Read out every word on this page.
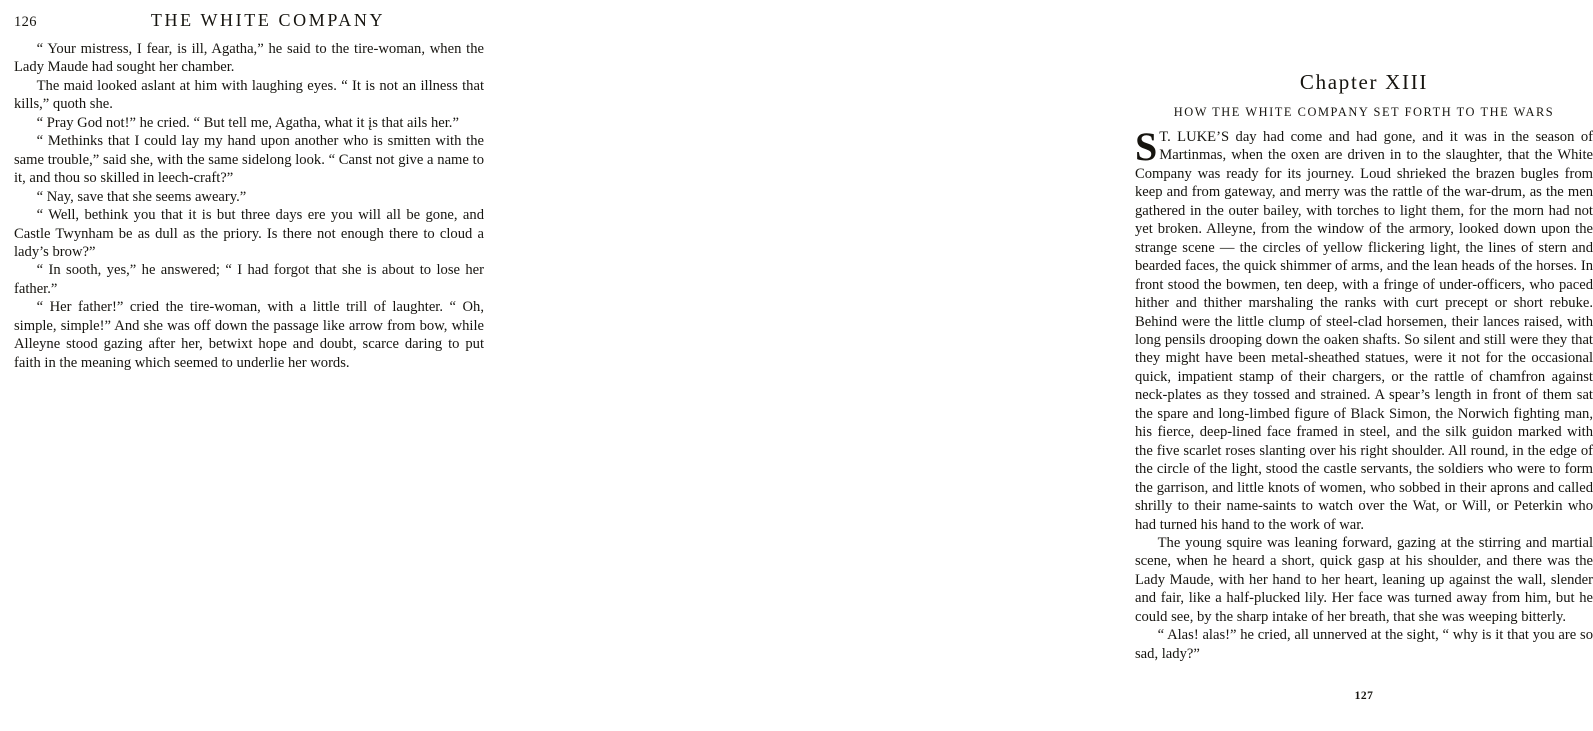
126	THE WHITE COMPANY

“ Your mistress, I fear, is ill, Agatha,” he said to the tire-woman, when the Lady Maude had sought her chamber.

The maid looked aslant at him with laughing eyes. “ It is not an illness that kills,” quoth she.

“ Pray God not!” he cried. “ But tell me, Agatha, what it įs that ails her.”

“ Methinks that I could lay my hand upon another who is smitten with the same trouble,” said she, with the same sidelong look. “ Canst not give a name to it, and thou so skilled in leech-craft?”

“ Nay, save that she seems aweary.”

“ Well, bethink you that it is but three days ere you will all be gone, and Castle Twynham be as dull as the priory. Is there not enough there to cloud a lady’s brow?”

“ In sooth, yes,” he answered; “ I had forgot that she is about to lose her father.”

“ Her father!” cried the tire-woman, with a little trill of laughter. “ Oh, simple, simple!” And she was off down the passage like arrow from bow, while Alleyne stood gazing after her, betwixt hope and doubt, scarce daring to put faith in the meaning which seemed to underlie her words.

Chapter XIII
HOW THE WHITE COMPANY SET FORTH TO THE WARS

S T. LUKE’S day had come and had gone, and it was in the season of Martinmas, when the oxen are driven in to the slaughter, that the White Company was ready for its journey. Loud shrieked the brazen bugles from keep and from gateway, and merry was the rattle of the war-drum, as the men gathered in the outer bailey, with torches to light them, for the morn had not yet broken. Alleyne, from the window of the armory, looked down upon the strange scene — the circles of yellow flickering light, the lines of stern and bearded faces, the quick shimmer of arms, and the lean heads of the horses. In front stood the bowmen, ten deep, with a fringe of under-officers, who paced hither and thither marshaling the ranks with curt precept or short rebuke. Behind were the little clump of steel-clad horsemen, their lances raised, with long pensils drooping down the oaken shafts. So silent and still were they that they might have been metal-sheathed statues, were it not for the occasional quick, impatient stamp of their chargers, or the rattle of chamfron against neck-plates as they tossed and strained. A spear’s length in front of them sat the spare and long-limbed figure of Black Simon, the Norwich fighting man, his fierce, deep-lined face framed in steel, and the silk guidon marked with the five scarlet roses slanting over his right shoulder. All round, in the edge of the circle of the light, stood the castle servants, the soldiers who were to form the garrison, and little knots of women, who sobbed in their aprons and called shrilly to their name-saints to watch over the Wat, or Will, or Peterkin who had turned his hand to the work of war.

The young squire was leaning forward, gazing at the stirring and martial scene, when he heard a short, quick gasp at his shoulder, and there was the Lady Maude, with her hand to her heart, leaning up against the wall, slender and fair, like a half-plucked lily. Her face was turned away from him, but he could see, by the sharp intake of her breath, that she was weeping bitterly.

“ Alas! alas!” he cried, all unnerved at the sight, “ why is it that you are so sad, lady?”

127
